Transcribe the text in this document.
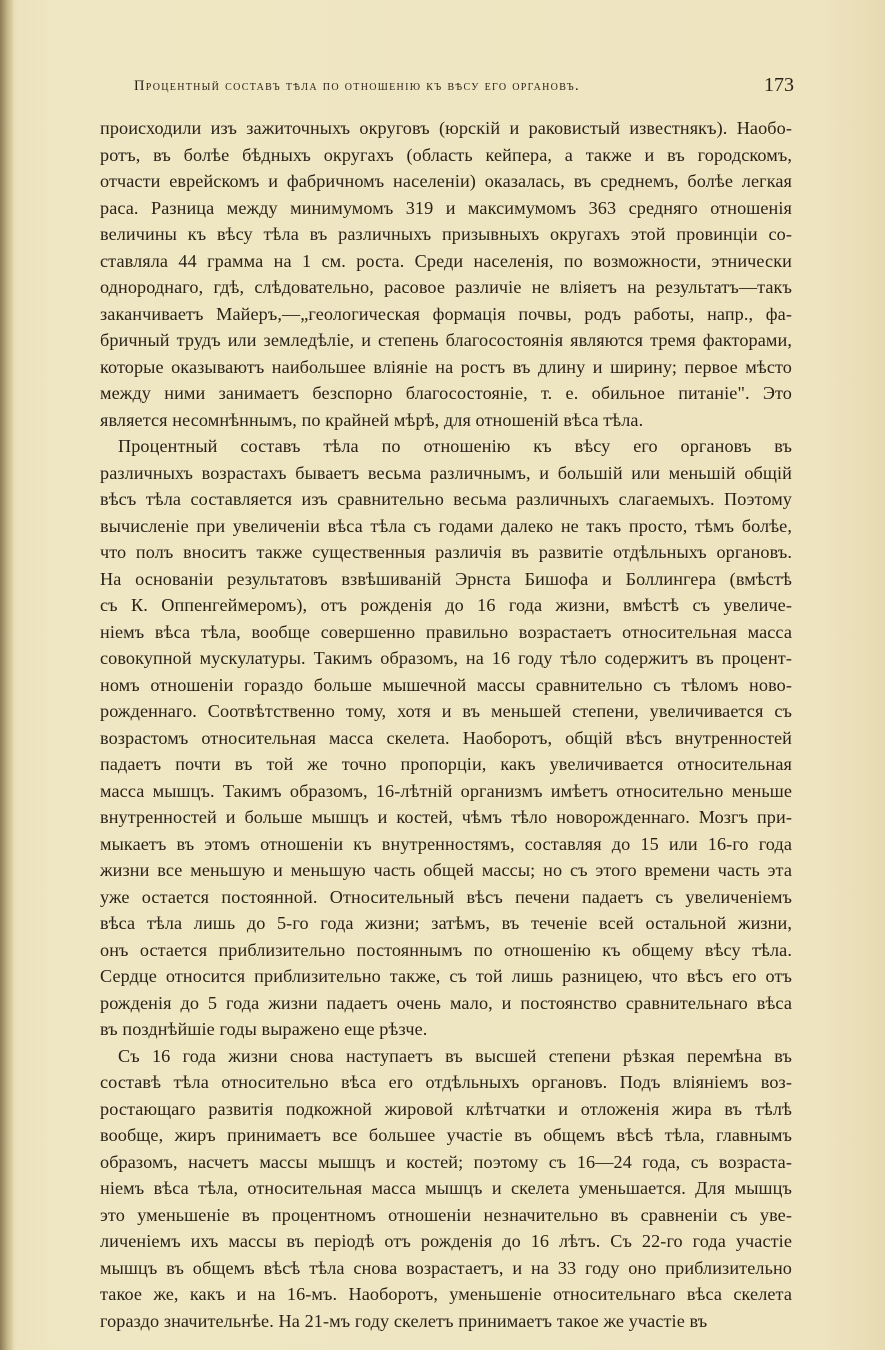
Процентный составъ тѣла по отношенію къ вѣсу его органовъ.	173
происходили изъ зажиточныхъ округовъ (юрскій и раковистый известнякъ). Наобо-
ротъ, въ болѣе бѣдныхъ округахъ (область кейпера, а также и въ городскомъ,
отчасти еврейскомъ и фабричномъ населеніи) оказалась, въ среднемъ, болѣе легкая
раса. Разница между минимумомъ 319 и максимумомъ 363 средняго отношенія
величины къ вѣсу тѣла въ различныхъ призывныхъ округахъ этой провинціи со-
ставляла 44 грамма на 1 см. роста. Среди населенія, по возможности, этнически
однороднаго, гдѣ, слѣдовательно, расовое различіе не вліяетъ на результатъ—такъ
заканчиваетъ Майеръ,—„геологическая формація почвы, родъ работы, напр., фа-
бричный трудъ или земледѣліе, и степень благосостоянія являются тремя факторами,
которые оказываютъ наибольшее вліяніе на ростъ въ длину и ширину; первое мѣсто
между ними занимаетъ безспорно благосостояніе, т. е. обильное питаніе". Это
является несомнѣннымъ, по крайней мѣрѣ, для отношеній вѣса тѣла.
Процентный составъ тѣла по отношенію къ вѣсу его органовъ въ
различныхъ возрастахъ бываетъ весьма различнымъ, и большій или меньшій общій
вѣсъ тѣла составляется изъ сравнительно весьма различныхъ слагаемыхъ. Поэтому
вычисленіе при увеличеніи вѣса тѣла съ годами далеко не такъ просто, тѣмъ болѣе,
что полъ вноситъ также существенныя различія въ развитіе отдѣльныхъ органовъ.
На основаніи результатовъ взвѣшиваній Эрнста Бишофа и Боллингера (вмѣстѣ
съ К. Оппенгеймеромъ), отъ рожденія до 16 года жизни, вмѣстѣ съ увеличе-
ніемъ вѣса тѣла, вообще совершенно правильно возрастаетъ относительная масса
совокупной мускулатуры. Такимъ образомъ, на 16 году тѣло содержитъ въ процент-
номъ отношеніи гораздо больше мышечной массы сравнительно съ тѣломъ ново-
рожденнаго. Соотвѣтственно тому, хотя и въ меньшей степени, увеличивается съ
возрастомъ относительная масса скелета. Наоборотъ, общій вѣсъ внутренностей
падаетъ почти въ той же точно пропорціи, какъ увеличивается относительная
масса мышцъ. Такимъ образомъ, 16-лѣтній организмъ имѣетъ относительно меньше
внутренностей и больше мышцъ и костей, чѣмъ тѣло новорожденнаго. Мозгъ при-
мыкаетъ въ этомъ отношеніи къ внутренностямъ, составляя до 15 или 16-го года
жизни все меньшую и меньшую часть общей массы; но съ этого времени часть эта
уже остается постоянной. Относительный вѣсъ печени падаетъ съ увеличеніемъ
вѣса тѣла лишь до 5-го года жизни; затѣмъ, въ теченіе всей остальной жизни,
онъ остается приблизительно постояннымъ по отношенію къ общему вѣсу тѣла.
Сердце относится приблизительно также, съ той лишь разницею, что вѣсъ его отъ
рожденія до 5 года жизни падаетъ очень мало, и постоянство сравнительнаго вѣса
въ позднѣйшіе годы выражено еще рѣзче.
Съ 16 года жизни снова наступаетъ въ высшей степени рѣзкая перемѣна въ
составѣ тѣла относительно вѣса его отдѣльныхъ органовъ. Подъ вліяніемъ воз-
ростающаго развитія подкожной жировой клѣтчатки и отложенія жира въ тѣлѣ
вообще, жиръ принимаетъ все большее участіе въ общемъ вѣсѣ тѣла, главнымъ
образомъ, насчетъ массы мышцъ и костей; поэтому съ 16—24 года, съ возраста-
ніемъ вѣса тѣла, относительная масса мышцъ и скелета уменьшается. Для мышцъ
это уменьшеніе въ процентномъ отношеніи незначительно въ сравненіи съ уве-
личеніемъ ихъ массы въ періодѣ отъ рожденія до 16 лѣтъ. Съ 22-го года участіе
мышцъ въ общемъ вѣсѣ тѣла снова возрастаетъ, и на 33 году оно приблизительно
такое же, какъ и на 16-мъ. Наоборотъ, уменьшеніе относительнаго вѣса скелета
гораздо значительнѣе. На 21-мъ году скелетъ принимаетъ такое же участіе въ
